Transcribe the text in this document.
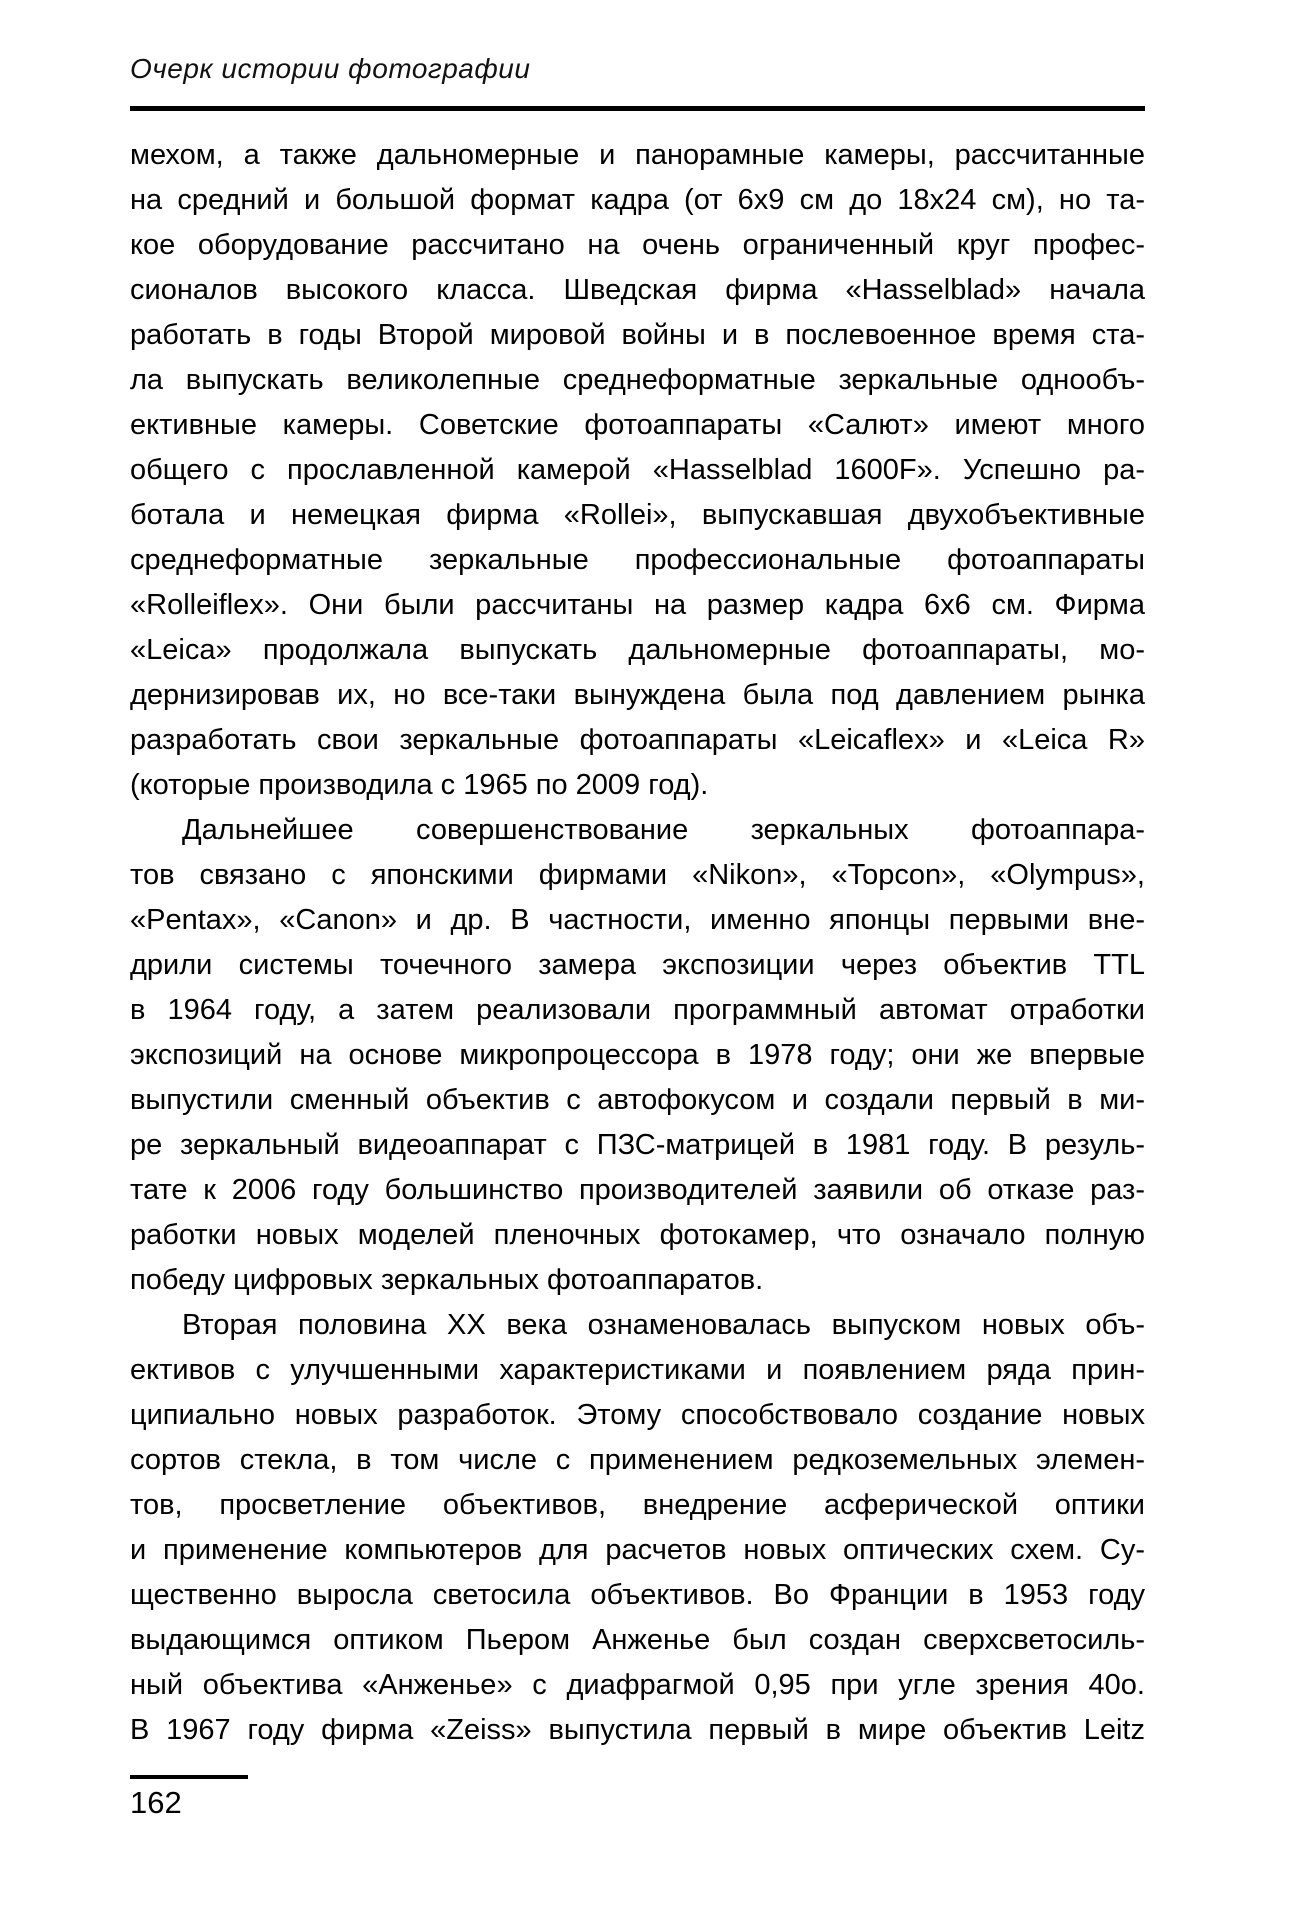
Очерк истории фотографии
мехом, а также дальномерные и панорамные камеры, рассчитанные
на средний и большой формат кадра (от 6х9 см до 18х24 см), но та-
кое оборудование рассчитано на очень ограниченный круг профес-
сионалов высокого класса. Шведская фирма «Hasselblad» начала
работать в годы Второй мировой войны и в послевоенное время ста-
ла выпускать великолепные среднеформатные зеркальные однообъ-
ективные камеры. Советские фотоаппараты «Салют» имеют много
общего с прославленной камерой «Hasselblad 1600F». Успешно ра-
ботала и немецкая фирма «Rollei», выпускавшая двухобъективные
среднеформатные зеркальные профессиональные фотоаппараты
«Rolleiflex». Они были рассчитаны на размер кадра 6х6 см. Фирма
«Leica» продолжала выпускать дальномерные фотоаппараты, мо-
дернизировав их, но все-таки вынуждена была под давлением рынка
разработать свои зеркальные фотоаппараты «Leicaflex» и «Leica R»
(которые производила с 1965 по 2009 год).
Дальнейшее совершенствование зеркальных фотоаппара-
тов связано с японскими фирмами «Nikon», «Topcon», «Olympus»,
«Pentax», «Canon» и др. В частности, именно японцы первыми вне-
дрили системы точечного замера экспозиции через объектив TTL
в 1964 году, а затем реализовали программный автомат отработки
экспозиций на основе микропроцессора в 1978 году; они же впервые
выпустили сменный объектив с автофокусом и создали первый в ми-
ре зеркальный видеоаппарат с ПЗС-матрицей в 1981 году. В резуль-
тате к 2006 году большинство производителей заявили об отказе раз-
работки новых моделей пленочных фотокамер, что означало полную
победу цифровых зеркальных фотоаппаратов.
Вторая половина XX века ознаменовалась выпуском новых объ-
ективов с улучшенными характеристиками и появлением ряда прин-
ципиально новых разработок. Этому способствовало создание новых
сортов стекла, в том числе с применением редкоземельных элемен-
тов, просветление объективов, внедрение асферической оптики
и применение компьютеров для расчетов новых оптических схем. Су-
щественно выросла светосила объективов. Во Франции в 1953 году
выдающимся оптиком Пьером Анженье был создан сверхсветосиль-
ный объектива «Анженье» с диафрагмой 0,95 при угле зрения 40о.
В 1967 году фирма «Zeiss» выпустила первый в мире объектив Leitz
162
